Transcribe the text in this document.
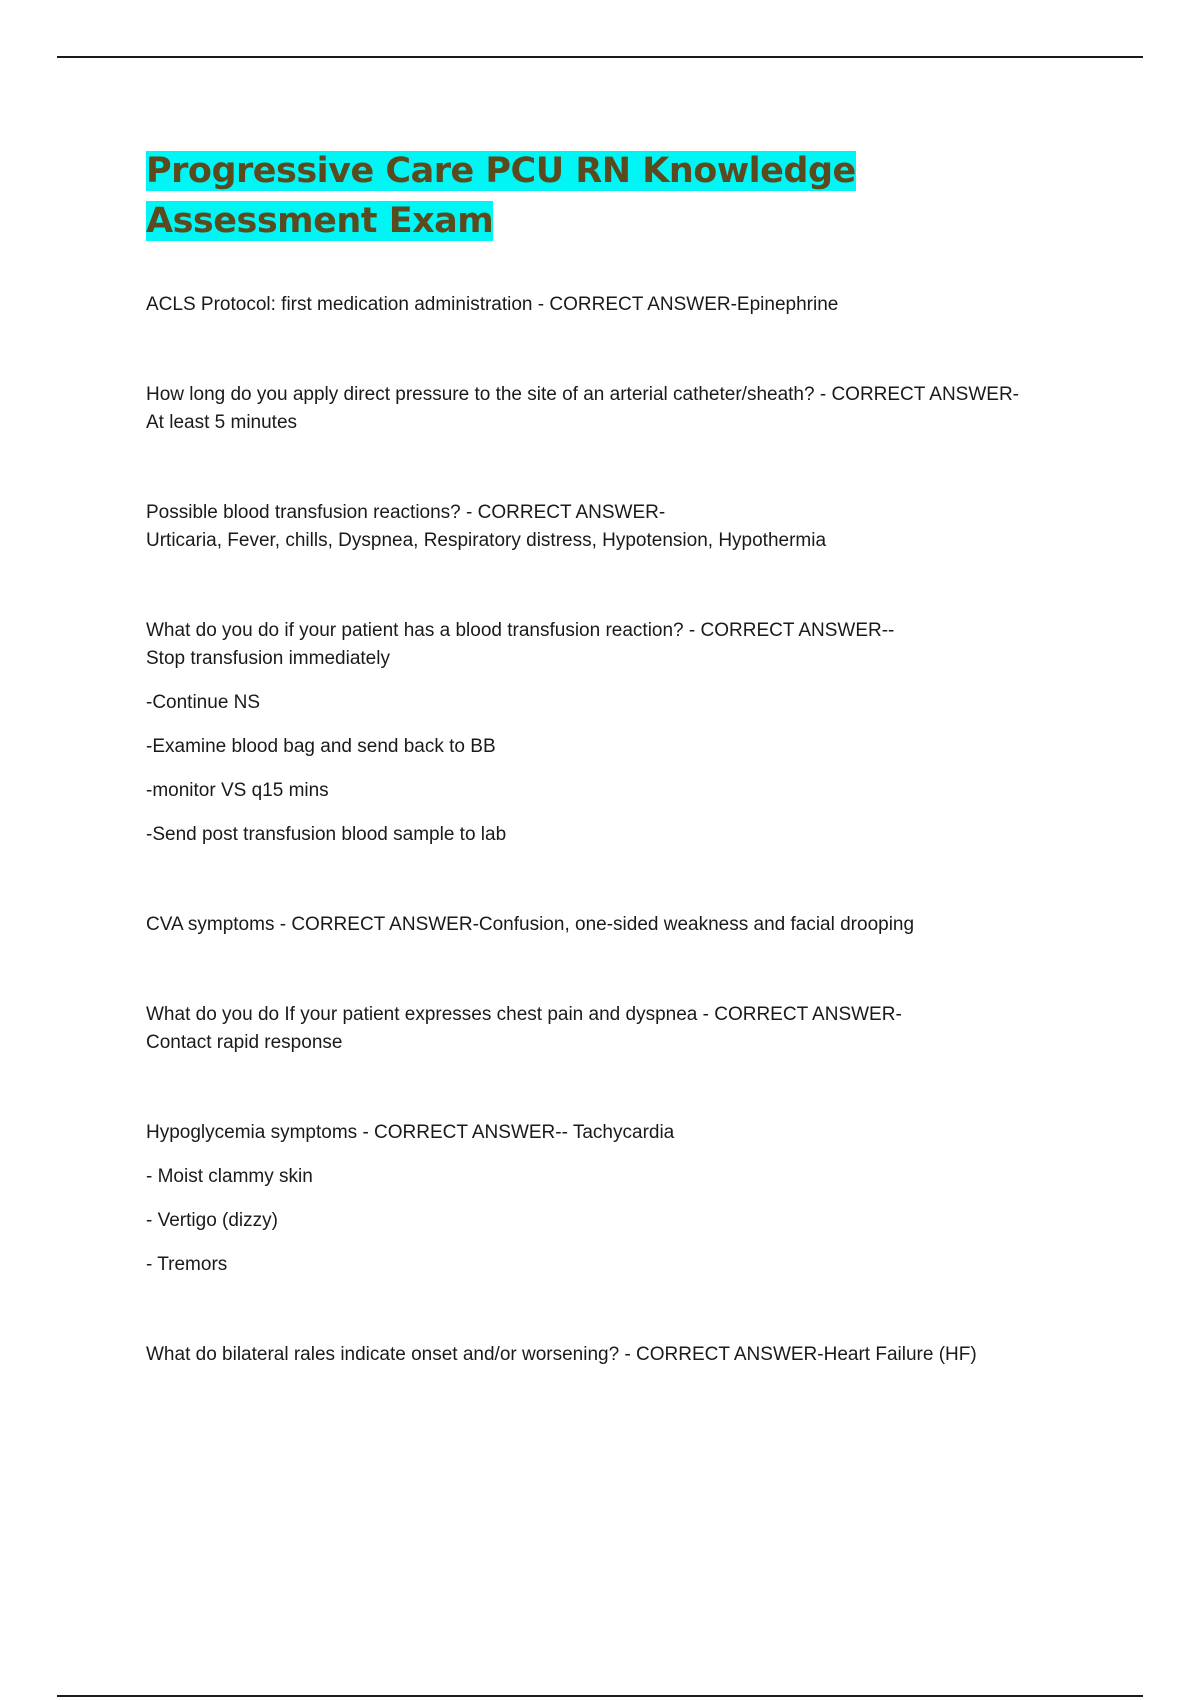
Progressive Care PCU RN Knowledge Assessment Exam

ACLS Protocol: first medication administration - CORRECT ANSWER-Epinephrine

How long do you apply direct pressure to the site of an arterial catheter/sheath? - CORRECT ANSWER-
At least 5 minutes

Possible blood transfusion reactions? - CORRECT ANSWER-
Urticaria, Fever, chills, Dyspnea, Respiratory distress, Hypotension, Hypothermia

What do you do if your patient has a blood transfusion reaction? - CORRECT ANSWER--
Stop transfusion immediately

-Continue NS

-Examine blood bag and send back to BB

-monitor VS q15 mins

-Send post transfusion blood sample to lab

CVA symptoms - CORRECT ANSWER-Confusion, one-sided weakness and facial drooping

What do you do If your patient expresses chest pain and dyspnea - CORRECT ANSWER-
Contact rapid response

Hypoglycemia symptoms - CORRECT ANSWER-- Tachycardia

- Moist clammy skin

- Vertigo (dizzy)

- Tremors

What do bilateral rales indicate onset and/or worsening? - CORRECT ANSWER-Heart Failure (HF)
